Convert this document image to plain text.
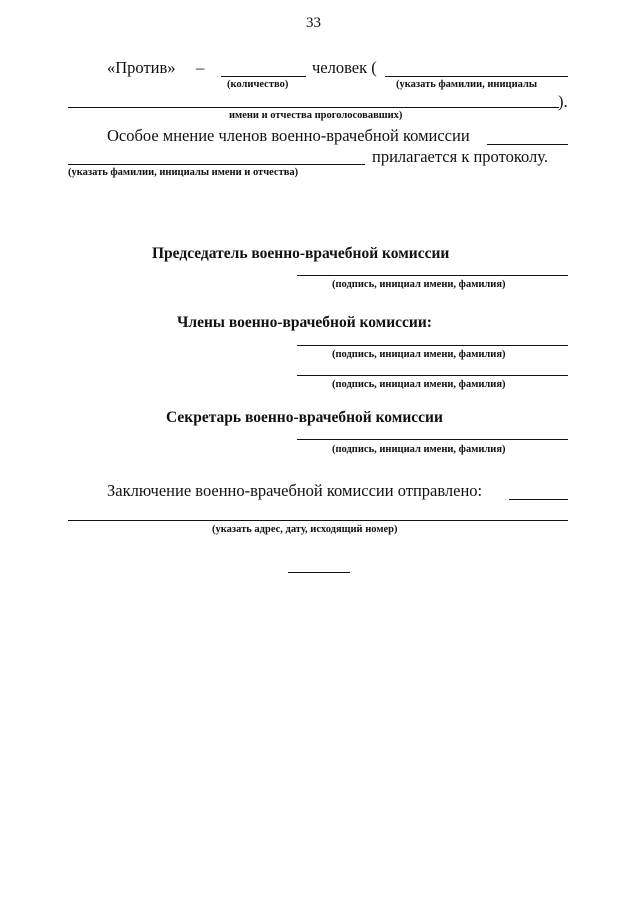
33
«Против» –	человек (
(количество)	(указать фамилии, инициалы
).
имени и отчества проголосовавших)
Особое мнение членов военно-врачебной комиссии
прилагается к протоколу.
(указать фамилии, инициалы имени и отчества)
Председатель военно-врачебной комиссии
(подпись, инициал имени, фамилия)
Члены военно-врачебной комиссии:
(подпись, инициал имени, фамилия)
(подпись, инициал имени, фамилия)
Секретарь военно-врачебной комиссии
(подпись, инициал имени, фамилия)
Заключение военно-врачебной комиссии отправлено:
(указать адрес, дату, исходящий номер)
